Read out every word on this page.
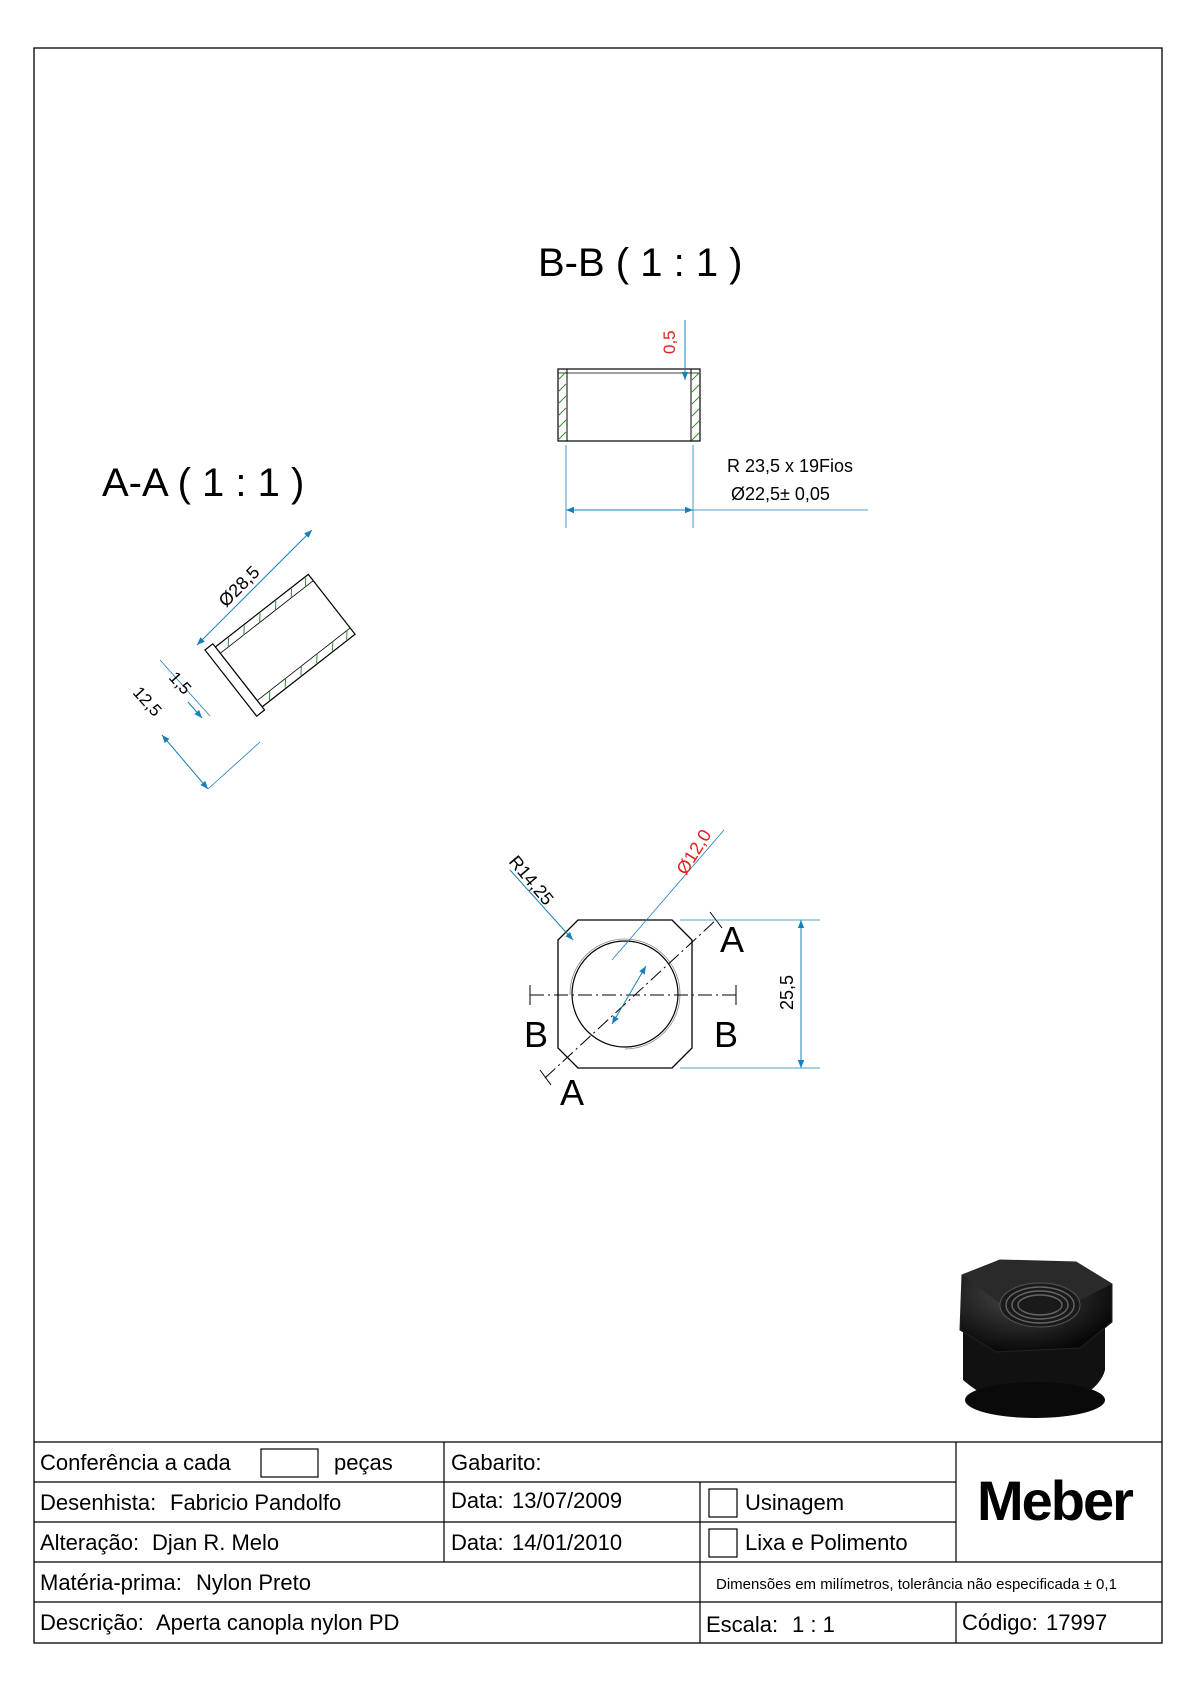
B-B ( 1 : 1 )
0,5
R 23,5 x 19Fios
Ø22,5± 0,05
A-A ( 1 : 1 )
Ø28,5
1,5
12,5
A
A
B	B
R14,25	Ø12,0
25,5
Conferência a cada	peças	Gabarito:
Desenhista: Fabricio Pandolfo	Data: 13/07/2009	Usinagem
Alteração: Djan R. Melo	Data: 14/01/2010	Lixa e Polimento
Matéria-prima: Nylon Preto	Dimensões em milímetros, tolerância não especificada ± 0,1
Descrição: Aperta canopla nylon PD	Escala: 1 : 1	Código: 17997
Meber
